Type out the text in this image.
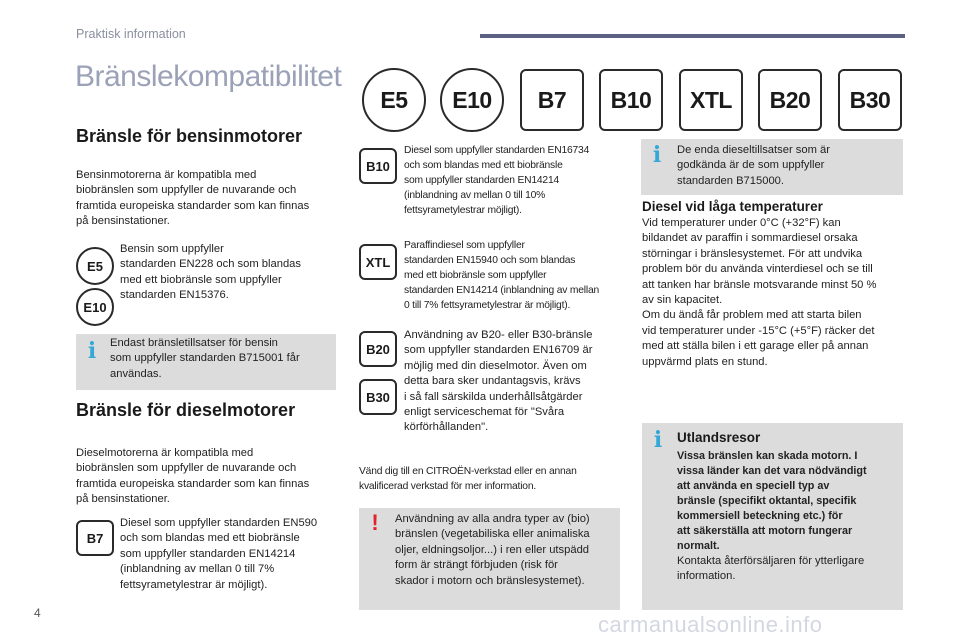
Praktisk information
Bränslekompatibilitet
E5	E10	B7	B10	XTL	B20	B30
Bränsle för bensinmotorer
Bensinmotorerna är kompatibla med
biobränslen som uppfyller de nuvarande och
framtida europeiska standarder som kan finnas
på bensinstationer.
E5
E10
Bensin som uppfyller
standarden EN228 och som blandas
med ett biobränsle som uppfyller
standarden EN15376.
i	Endast bränsletillsatser för bensin
som uppfyller standarden B715001 får
användas.
Bränsle för dieselmotorer
Dieselmotorerna är kompatibla med
biobränslen som uppfyller de nuvarande och
framtida europeiska standarder som kan finnas
på bensinstationer.
B7
Diesel som uppfyller standarden EN590
och som blandas med ett biobränsle
som uppfyller standarden EN14214
(inblandning av mellan 0 till 7%
fettsyrametylestrar är möjligt).
B10
Diesel som uppfyller standarden EN16734
och som blandas med ett biobränsle
som uppfyller standarden EN14214
(inblandning av mellan 0 till 10%
fettsyrametylestrar möjligt).
XTL
Paraffindiesel som uppfyller
standarden EN15940 och som blandas
med ett biobränsle som uppfyller
standarden EN14214 (inblandning av mellan
0 till 7% fettsyrametylestrar är möjligt).
B20
B30
Användning av B20- eller B30-bränsle
som uppfyller standarden EN16709 är
möjlig med din dieselmotor. Även om
detta bara sker undantagsvis, krävs
i så fall särskilda underhållsåtgärder
enligt serviceschemat för "Svåra
körförhållanden".
Vänd dig till en CITROËN-verkstad eller en annan
kvalificerad verkstad för mer information.
!	Användning av alla andra typer av (bio)
bränslen (vegetabiliska eller animaliska
oljer, eldningsoljor...) i ren eller utspädd
form är strängt förbjuden (risk för
skador i motorn och bränslesystemet).
i	De enda dieseltillsatser som är
godkända är de som uppfyller
standarden B715000.
Diesel vid låga temperaturer
Vid temperaturer under 0°C (+32°F) kan
bildandet av paraffin i sommardiesel orsaka
störningar i bränslesystemet. För att undvika
problem bör du använda vinterdiesel och se till
att tanken har bränsle motsvarande minst 50 %
av sin kapacitet.
Om du ändå får problem med att starta bilen
vid temperaturer under -15°C (+5°F) räcker det
med att ställa bilen i ett garage eller på annan
uppvärmd plats en stund.
i Utlandsresor
Vissa bränslen kan skada motorn. I
vissa länder kan det vara nödvändigt
att använda en speciell typ av
bränsle (specifikt oktantal, specifik
kommersiell beteckning etc.) för
att säkerställa att motorn fungerar
normalt.
Kontakta återförsäljaren för ytterligare
information.
4	carmanualsonline.info
